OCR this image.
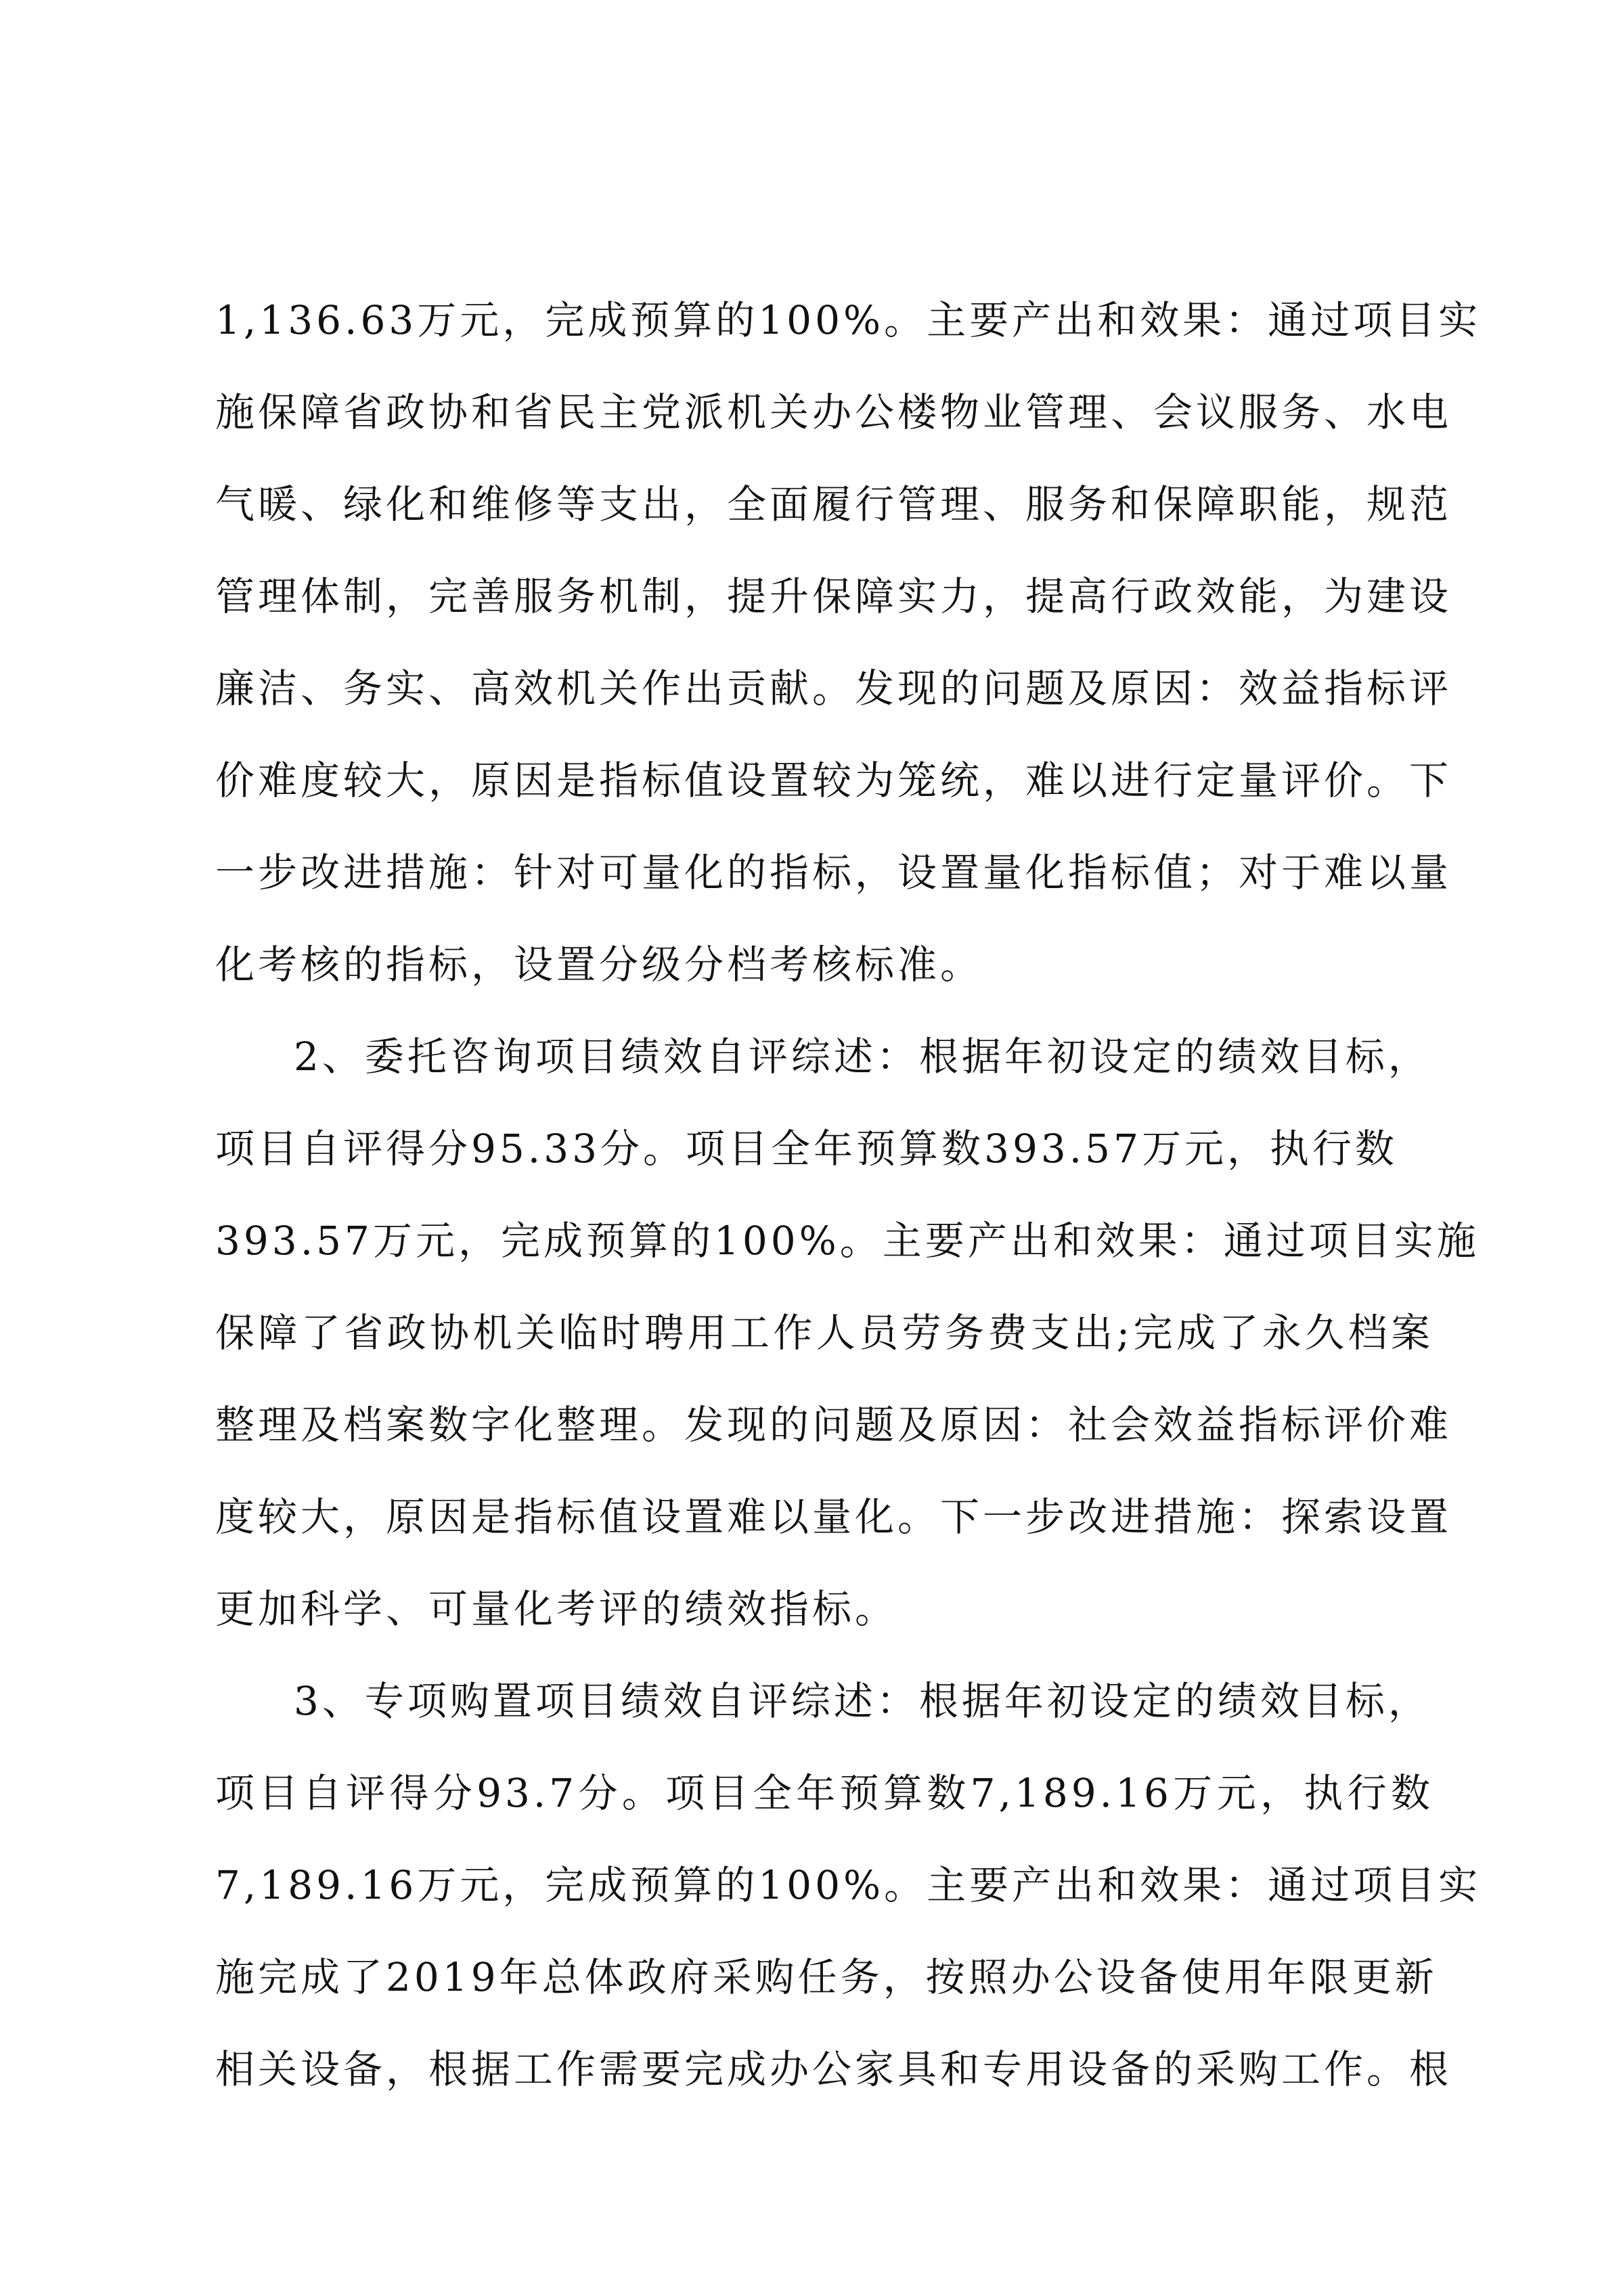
1,136.63万元，完成预算的100%。主要产出和效果：通过项目实
施保障省政协和省民主党派机关办公楼物业管理、会议服务、水电
气暖、绿化和维修等支出，全面履行管理、服务和保障职能，规范
管理体制，完善服务机制，提升保障实力，提高行政效能，为建设
廉洁、务实、高效机关作出贡献。发现的问题及原因：效益指标评
价难度较大，原因是指标值设置较为笼统，难以进行定量评价。下
一步改进措施：针对可量化的指标，设置量化指标值；对于难以量
化考核的指标，设置分级分档考核标准。
2、委托咨询项目绩效自评综述：根据年初设定的绩效目标，
项目自评得分95.33分。项目全年预算数393.57万元，执行数
393.57万元，完成预算的100%。主要产出和效果：通过项目实施
保障了省政协机关临时聘用工作人员劳务费支出;完成了永久档案
整理及档案数字化整理。发现的问题及原因：社会效益指标评价难
度较大，原因是指标值设置难以量化。下一步改进措施：探索设置
更加科学、可量化考评的绩效指标。
3、专项购置项目绩效自评综述：根据年初设定的绩效目标，
项目自评得分93.7分。项目全年预算数7,189.16万元，执行数
7,189.16万元，完成预算的100%。主要产出和效果：通过项目实
施完成了2019年总体政府采购任务，按照办公设备使用年限更新
相关设备，根据工作需要完成办公家具和专用设备的采购工作。根
